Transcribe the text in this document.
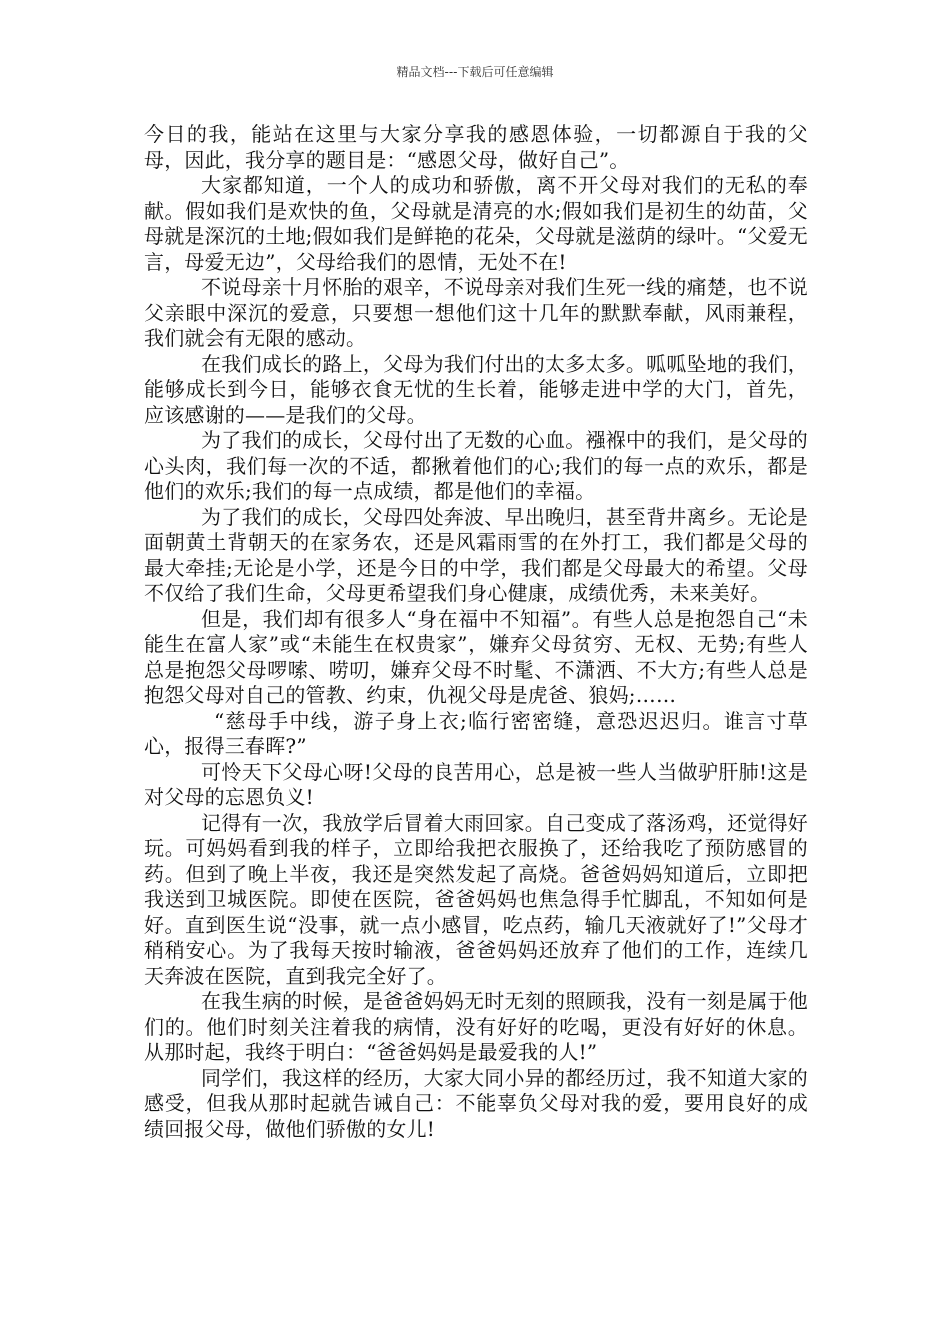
精品文档---下载后可任意编辑

今日的我，能站在这里与大家分享我的感恩体验，一切都源自于我的父母，因此，我分享的题目是：“感恩父母，做好自己”。

大家都知道，一个人的成功和骄傲，离不开父母对我们的无私的奉献。假如我们是欢快的鱼，父母就是清亮的水;假如我们是初生的幼苗，父母就是深沉的土地;假如我们是鲜艳的花朵，父母就是滋荫的绿叶。“父爱无言，母爱无边”，父母给我们的恩情，无处不在!

不说母亲十月怀胎的艰辛，不说母亲对我们生死一线的痛楚，也不说父亲眼中深沉的爱意，只要想一想他们这十几年的默默奉献，风雨兼程，我们就会有无限的感动。

在我们成长的路上，父母为我们付出的太多太多。呱呱坠地的我们，能够成长到今日，能够衣食无忧的生长着，能够走进中学的大门，首先，应该感谢的——是我们的父母。

为了我们的成长，父母付出了无数的心血。襁褓中的我们，是父母的心头肉，我们每一次的不适，都揪着他们的心;我们的每一点的欢乐，都是他们的欢乐;我们的每一点成绩，都是他们的幸福。

为了我们的成长，父母四处奔波、早出晚归，甚至背井离乡。无论是面朝黄土背朝天的在家务农，还是风霜雨雪的在外打工，我们都是父母的最大牵挂;无论是小学，还是今日的中学，我们都是父母最大的希望。父母不仅给了我们生命，父母更希望我们身心健康，成绩优秀，未来美好。

但是，我们却有很多人“身在福中不知福”。有些人总是抱怨自己“未能生在富人家”或“未能生在权贵家”，嫌弃父母贫穷、无权、无势;有些人总是抱怨父母啰嗦、唠叨，嫌弃父母不时髦、不潇洒、不大方;有些人总是抱怨父母对自己的管教、约束，仇视父母是虎爸、狼妈;……

“慈母手中线，游子身上衣;临行密密缝，意恐迟迟归。谁言寸草心，报得三春晖?”

可怜天下父母心呀!父母的良苦用心，总是被一些人当做驴肝肺!这是对父母的忘恩负义!

记得有一次，我放学后冒着大雨回家。自己变成了落汤鸡，还觉得好玩。可妈妈看到我的样子，立即给我把衣服换了，还给我吃了预防感冒的药。但到了晚上半夜，我还是突然发起了高烧。爸爸妈妈知道后，立即把我送到卫城医院。即使在医院，爸爸妈妈也焦急得手忙脚乱，不知如何是好。直到医生说“没事，就一点小感冒，吃点药，输几天液就好了!”父母才稍稍安心。为了我每天按时输液，爸爸妈妈还放弃了他们的工作，连续几天奔波在医院，直到我完全好了。

在我生病的时候，是爸爸妈妈无时无刻的照顾我，没有一刻是属于他们的。他们时刻关注着我的病情，没有好好的吃喝，更没有好好的休息。从那时起，我终于明白：“爸爸妈妈是最爱我的人!”

同学们，我这样的经历，大家大同小异的都经历过，我不知道大家的感受，但我从那时起就告诫自己：不能辜负父母对我的爱，要用良好的成绩回报父母，做他们骄傲的女儿!
